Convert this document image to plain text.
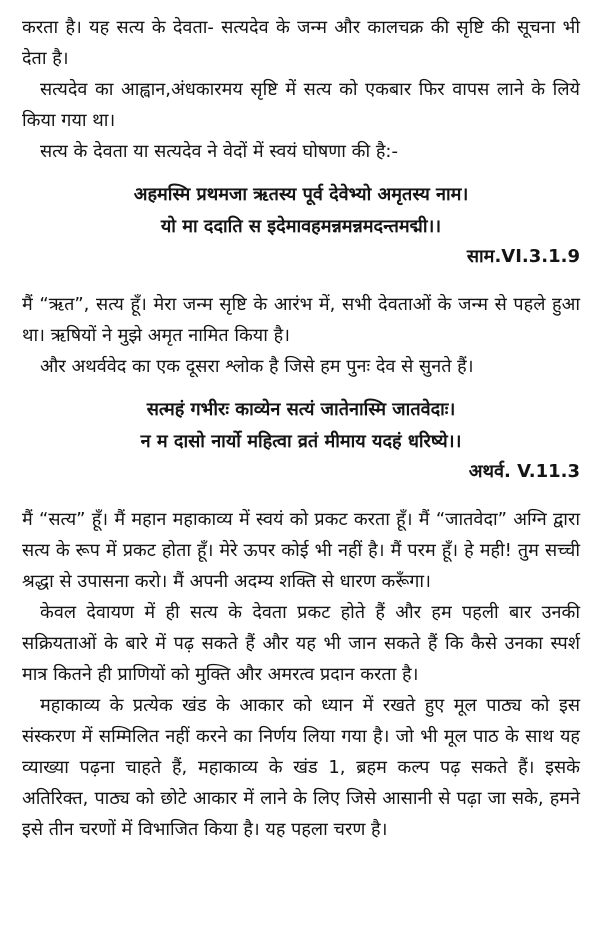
करता है। यह सत्य के देवता- सत्यदेव के जन्म और कालचक्र की सृष्टि की सूचना भी देता है।

सत्यदेव का आह्वान,अंधकारमय सृष्टि में सत्य को एकबार फिर वापस लाने के लिये किया गया था।

सत्य के देवता या सत्यदेव ने वेदों में स्वयं घोषणा की है:-

अहमस्मि प्रथमजा ऋतस्य पूर्व देवेभ्यो अमृतस्य नाम।

यो मा ददाति स इदेमावहमन्नमन्नमदन्तमद्मी।।

साम.VI.3.1.9

मैं “ऋत”, सत्य हूँ। मेरा जन्म सृष्टि के आरंभ में, सभी देवताओं के जन्म से पहले हुआ था। ऋषियों ने मुझे अमृत नामित किया है।

और अथर्ववेद का एक दूसरा श्लोक है जिसे हम पुनः देव से सुनते हैं।

सत्महं गभीरः काव्येन सत्यं जातेनास्मि जातवेदाः।

न म दासो नार्यो महित्वा व्रतं मीमाय यदहं धरिष्ये।।

अथर्व. V.11.3

मैं “सत्य” हूँ। मैं महान महाकाव्य में स्वयं को प्रकट करता हूँ। मैं “जातवेदा” अग्नि द्वारा सत्य के रूप में प्रकट होता हूँ। मेरे ऊपर कोई भी नहीं है। मैं परम हूँ। हे मही! तुम सच्ची श्रद्धा से उपासना करो। मैं अपनी अदम्य शक्ति से धारण करूँगा।

केवल देवायण में ही सत्य के देवता प्रकट होते हैं और हम पहली बार उनकी सक्रियताओं के बारे में पढ़ सकते हैं और यह भी जान सकते हैं कि कैसे उनका स्पर्श मात्र कितने ही प्राणियों को मुक्ति और अमरत्व प्रदान करता है।

महाकाव्य के प्रत्येक खंड के आकार को ध्यान में रखते हुए मूल पाठ्य को इस संस्करण में सम्मिलित नहीं करने का निर्णय लिया गया है। जो भी मूल पाठ के साथ यह व्याख्या पढ़ना चाहते हैं, महाकाव्य के खंड 1, ब्रहम कल्प पढ़ सकते हैं। इसके अतिरिक्त, पाठ्य को छोटे आकार में लाने के लिए जिसे आसानी से पढ़ा जा सके, हमने इसे तीन चरणों में विभाजित किया है। यह पहला चरण है।
